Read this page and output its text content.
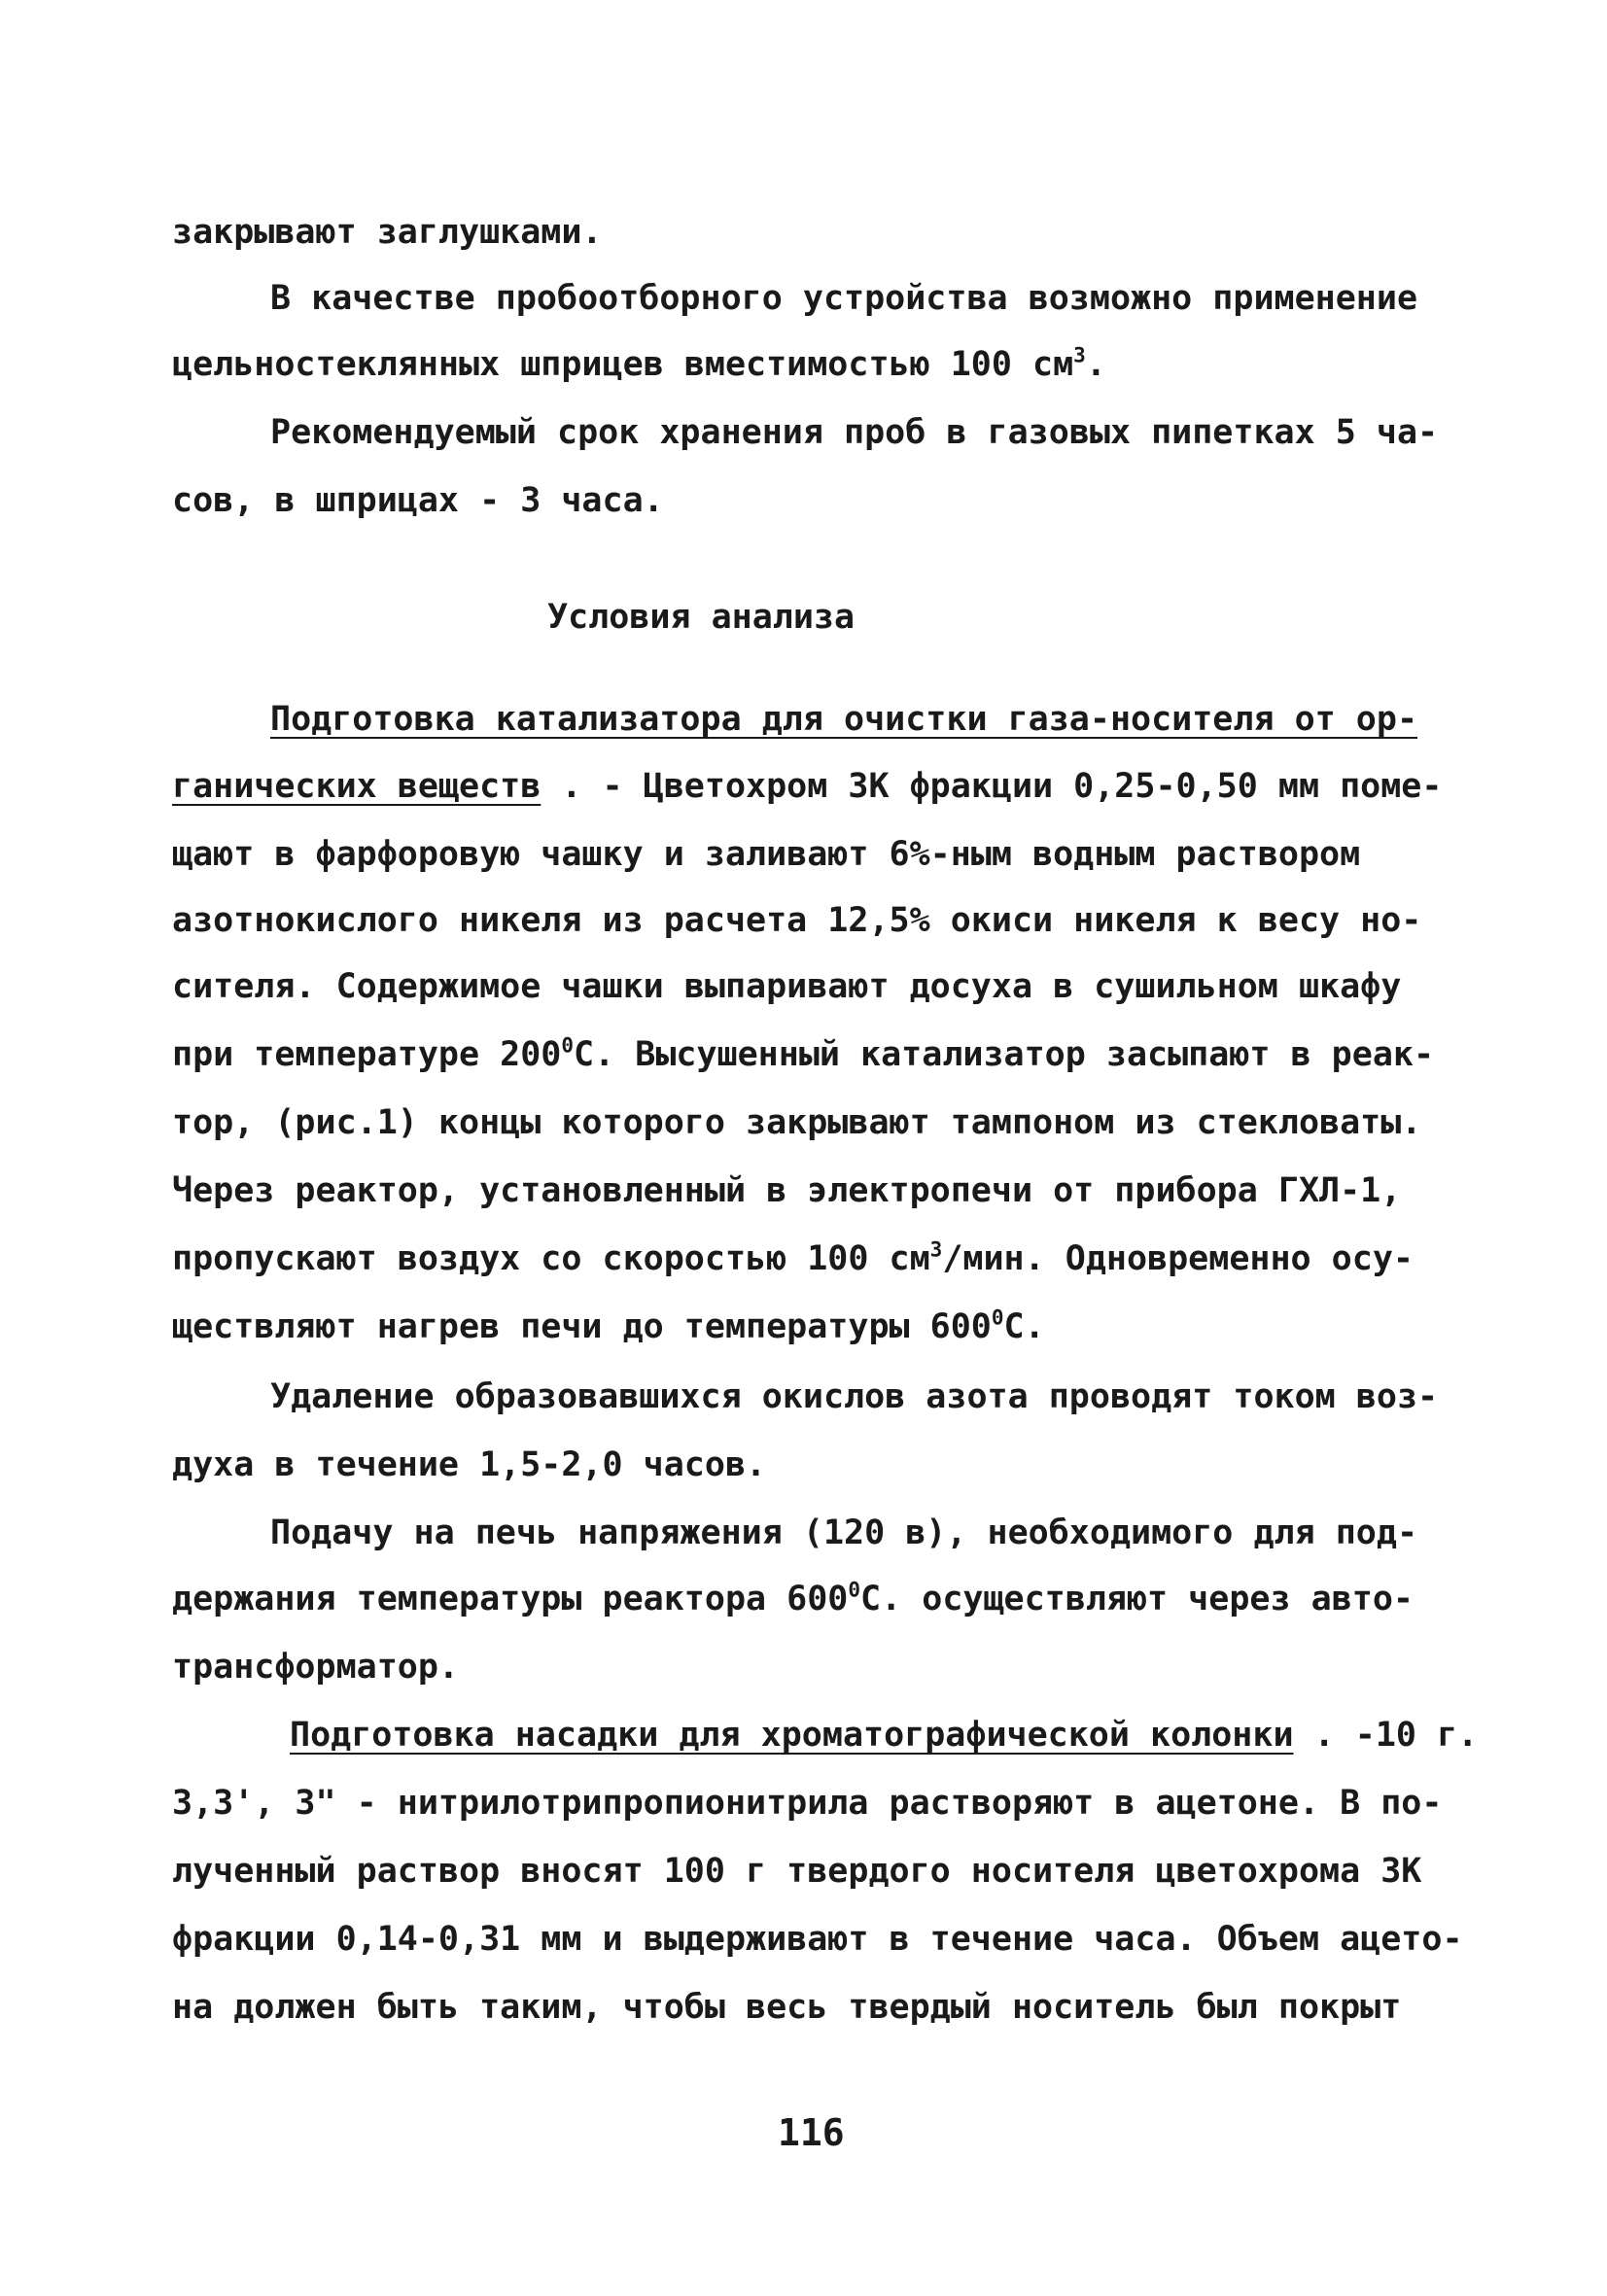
закрывают заглушками.
В качестве пробоотборного устройства возможно применение
цельностеклянных шприцев вместимостью 100 $см^3$.
Рекомендуемый срок хранения проб в газовых пипетках 5 ча-
сов, в шприцах - 3 часа.
Условия анализа
Подготовка катализатора для очистки газа-носителя от ор-
ганических веществ . - Цветохром 3К фракции 0,25-0,50 мм поме-
щают в фарфоровую чашку и заливают 6%-ным водным раствором
азотнокислого никеля из расчета 12,5% окиси никеля к весу но-
сителя. Содержимое чашки выпаривают досуха в сушильном шкафу
при температуре $200^0С$. Высушенный катализатор засыпают в реак-
тор, (рис.1) концы которого закрывают тампоном из стекловаты.
Через реактор, установленный в электропечи от прибора ГХЛ-1,
пропускают воздух со скоростью 100 $см^3$/мин. Одновременно осу-
ществляют нагрев печи до температуры $600^0С$.
Удаление образовавшихся окислов азота проводят током воз-
духа в течение 1,5-2,0 часов.
Подачу на печь напряжения (120 в), необходимого для под-
держания температуры реактора $600^0С$. осуществляют через авто-
трансформатор.
Подготовка насадки для хроматографической колонки . -10 г.
3,3', 3" - нитрилотрипропионитрила растворяют в ацетоне. В по-
лученный раствор вносят 100 г твердого носителя цветохрома 3К
фракции 0,14-0,31 мм и выдерживают в течение часа. Объем ацето-
на должен быть таким, чтобы весь твердый носитель был покрыт
116
